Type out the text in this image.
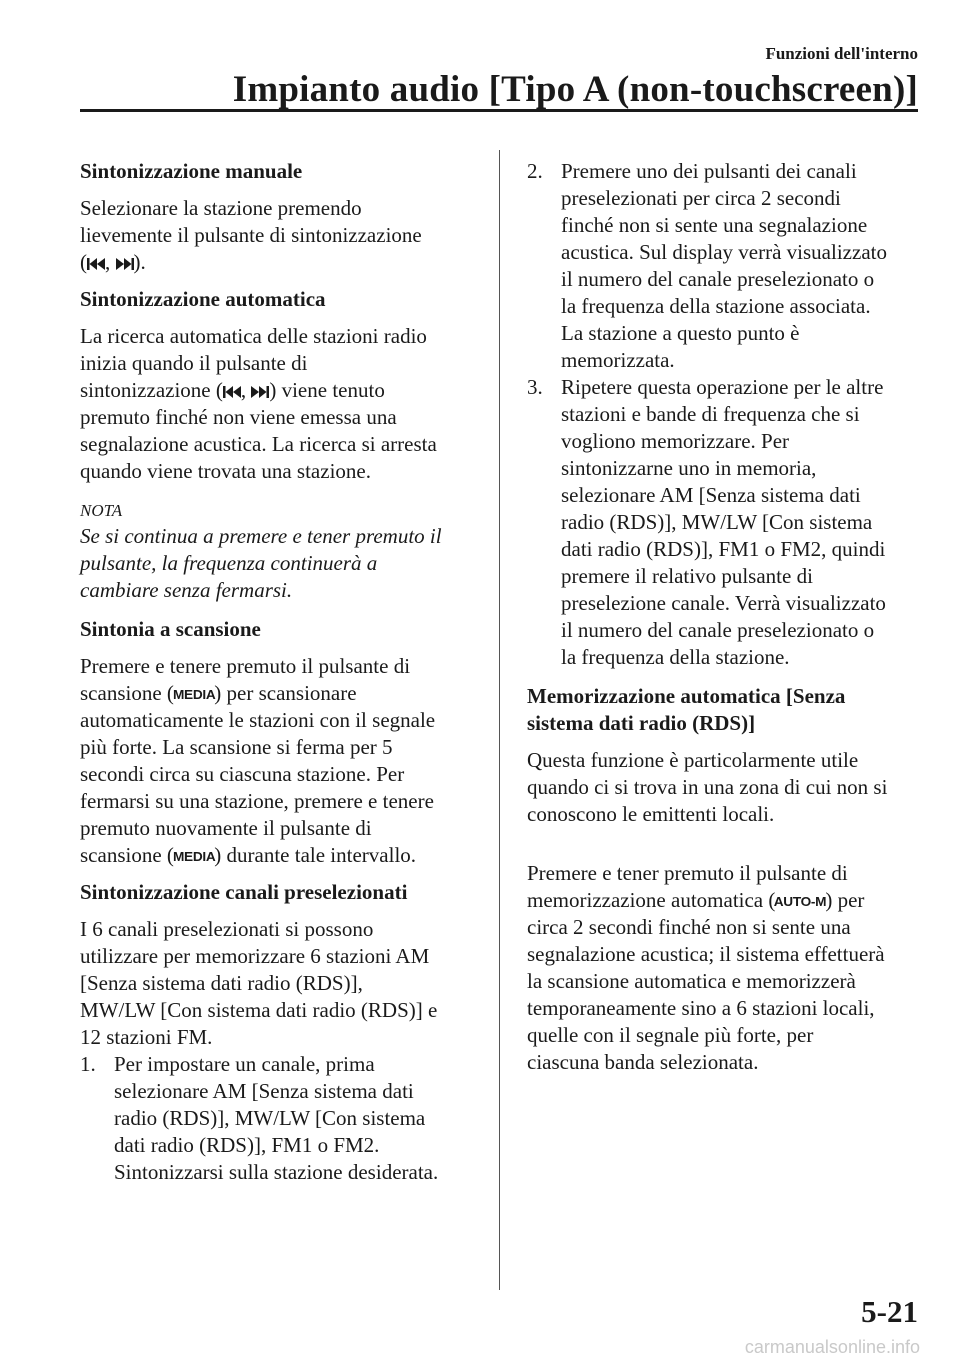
Funzioni dell'interno
Impianto audio [Tipo A (non-touchscreen)]
Sintonizzazione manuale
Selezionare la stazione premendo
lievemente il pulsante di sintonizzazione
( , ).
Sintonizzazione automatica
La ricerca automatica delle stazioni radio
inizia quando il pulsante di
sintonizzazione ( , ) viene tenuto
premuto finché non viene emessa una
segnalazione acustica. La ricerca si arresta
quando viene trovata una stazione.
NOTA
Se si continua a premere e tener premuto il
pulsante, la frequenza continuerà a
cambiare senza fermarsi.
Sintonia a scansione
Premere e tenere premuto il pulsante di
scansione (MEDIA) per scansionare
automaticamente le stazioni con il segnale
più forte. La scansione si ferma per 5
secondi circa su ciascuna stazione. Per
fermarsi su una stazione, premere e tenere
premuto nuovamente il pulsante di
scansione (MEDIA) durante tale intervallo.
Sintonizzazione canali preselezionati
I 6 canali preselezionati si possono
utilizzare per memorizzare 6 stazioni AM
[Senza sistema dati radio (RDS)],
MW/LW [Con sistema dati radio (RDS)] e
12 stazioni FM.
1. Per impostare un canale, prima
selezionare AM [Senza sistema dati
radio (RDS)], MW/LW [Con sistema
dati radio (RDS)], FM1 o FM2.
Sintonizzarsi sulla stazione desiderata.
2. Premere uno dei pulsanti dei canali
preselezionati per circa 2 secondi
finché non si sente una segnalazione
acustica. Sul display verrà visualizzato
il numero del canale preselezionato o
la frequenza della stazione associata.
La stazione a questo punto è
memorizzata.
3. Ripetere questa operazione per le altre
stazioni e bande di frequenza che si
vogliono memorizzare. Per
sintonizzarne uno in memoria,
selezionare AM [Senza sistema dati
radio (RDS)], MW/LW [Con sistema
dati radio (RDS)], FM1 o FM2, quindi
premere il relativo pulsante di
preselezione canale. Verrà visualizzato
il numero del canale preselezionato o
la frequenza della stazione.
Memorizzazione automatica [Senza
sistema dati radio (RDS)]
Questa funzione è particolarmente utile
quando ci si trova in una zona di cui non si
conoscono le emittenti locali.
Premere e tener premuto il pulsante di
memorizzazione automatica (AUTO-M) per
circa 2 secondi finché non si sente una
segnalazione acustica; il sistema effettuerà
la scansione automatica e memorizzerà
temporaneamente sino a 6 stazioni locali,
quelle con il segnale più forte, per
ciascuna banda selezionata.
5-21
carmanualsonline.info
